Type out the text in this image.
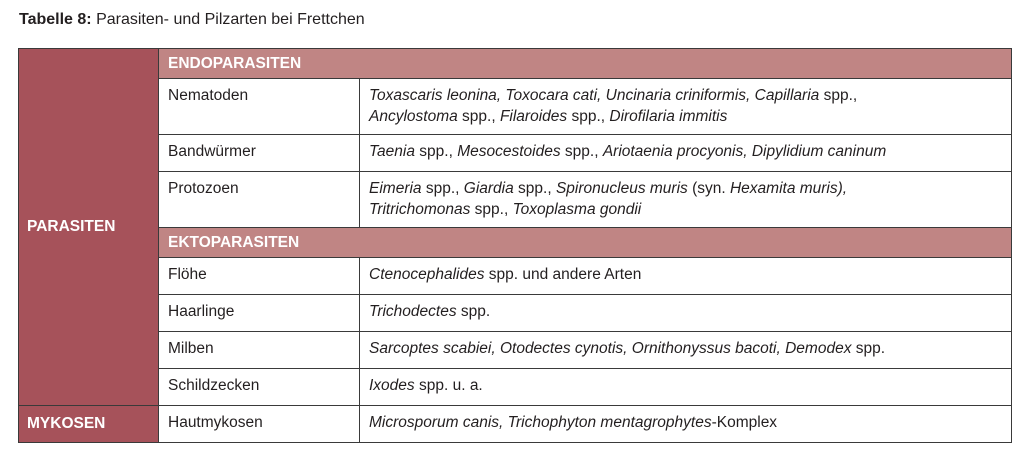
Tabelle 8: Parasiten- und Pilzarten bei Frettchen
PARASITEN	ENDOPARASITEN	
	Nematoden	Toxascaris leonina, Toxocara cati, Uncinaria criniformis, Capillaria spp.,
Ancylostoma spp., Filaroides spp., Dirofilaria immitis
	Bandwürmer	Taenia spp., Mesocestoides spp., Ariotaenia procyonis, Dipylidium caninum
	Protozoen	Eimeria spp., Giardia spp., Spironucleus muris (syn. Hexamita muris),
Tritrichomonas spp., Toxoplasma gondii
	EKTOPARASITEN	
	Flöhe	Ctenocephalides spp. und andere Arten
	Haarlinge	Trichodectes spp.
	Milben	Sarcoptes scabiei, Otodectes cynotis, Ornithonyssus bacoti, Demodex spp.
	Schildzecken	Ixodes spp. u. a.
MYKOSEN	Hautmykosen	Microsporum canis, Trichophyton mentagrophytes-Komplex
